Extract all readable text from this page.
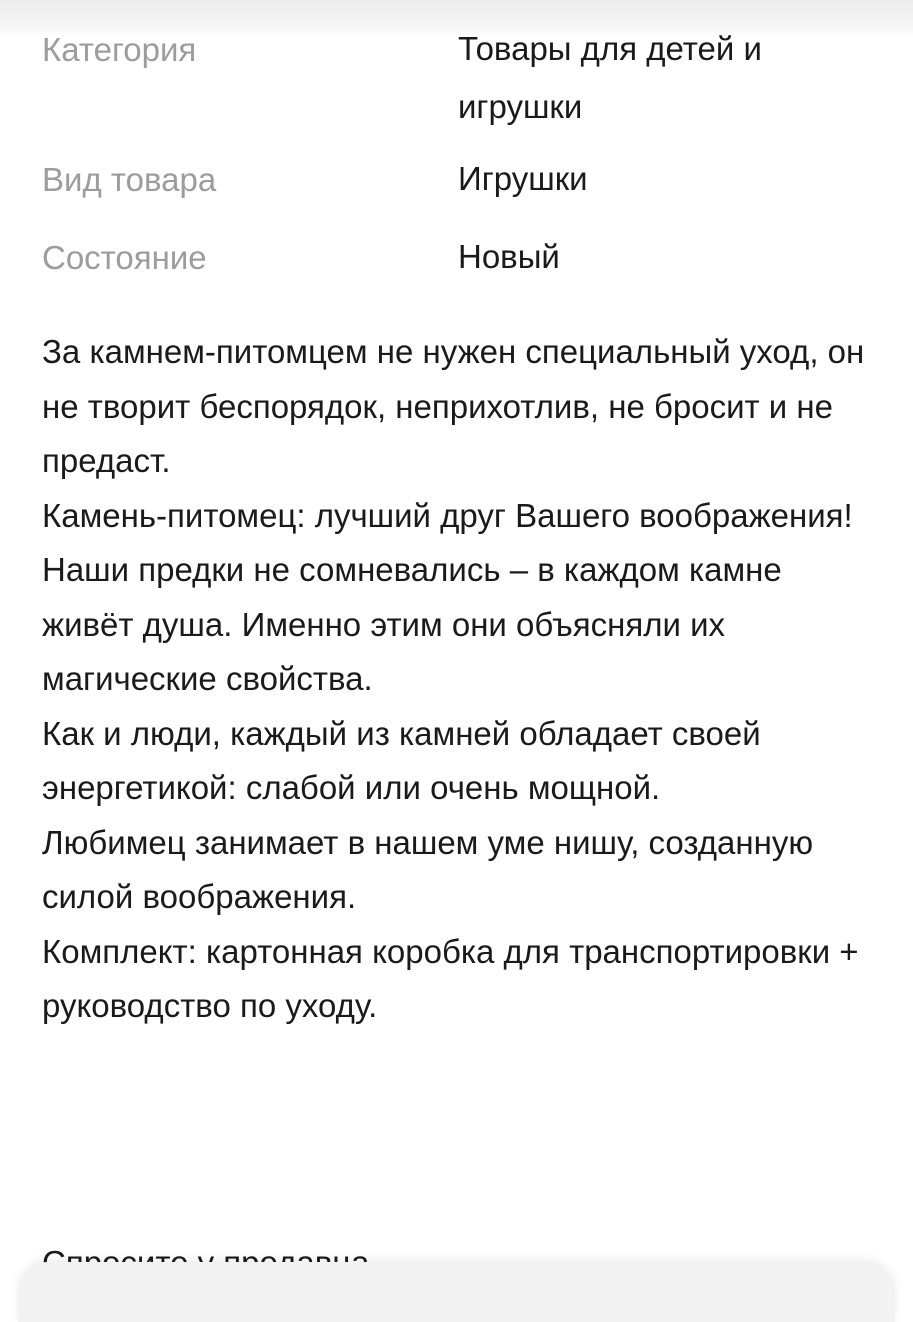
Категория	Товары для детей и игрушки
Вид товара	Игрушки
Состояние	Новый

За камнем-питомцем не нужен специальный уход, он не творит беспорядок, неприхотлив, не бросит и не предаст.

Камень-питомец: лучший друг Вашего воображения!

Наши предки не сомневались – в каждом камне живёт душа. Именно этим они объясняли их магические свойства.

Как и люди, каждый из камней обладает своей энергетикой: слабой или очень мощной.

Любимец занимает в нашем уме нишу, созданную силой воображения.

Комплект: картонная коробка для транспортировки + руководство по уходу.
